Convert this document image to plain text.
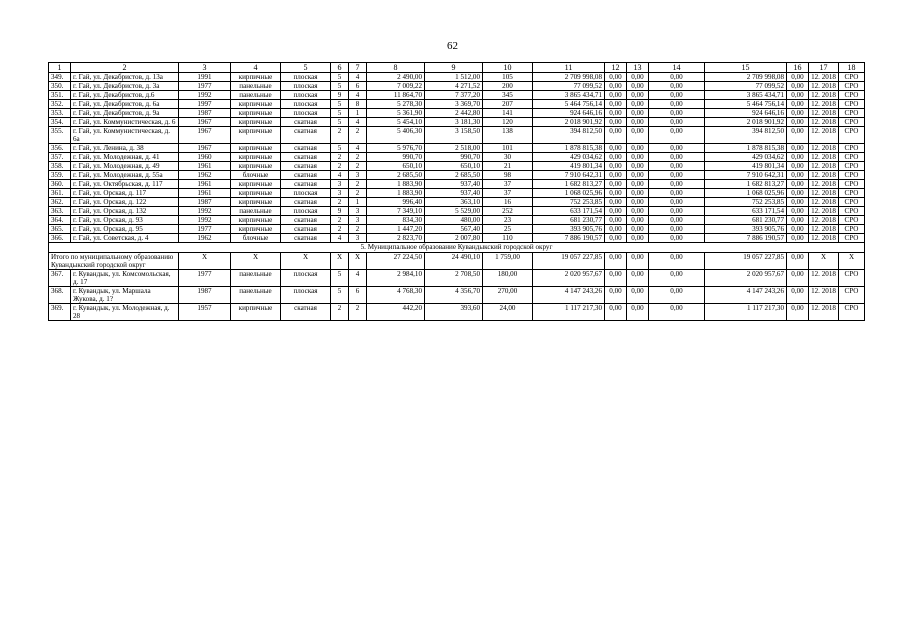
62
1	2	3	4	5	6	7	8	9	10	11	12	13	14	15	16	17	18
349.	г. Гай, ул. Декабристов, д. 13а	1991	кирпичные	плоская	5	4	2 490,00	1 512,00	105	2 709 998,08	0,00	0,00	0,00	2 709 998,08	0,00	12. 2018	СРО
350.	г. Гай, ул. Декабристов, д. 3а	1977	панельные	плоская	5	6	7 009,22	4 271,52	200	77 099,52	0,00	0,00	0,00	77 099,52	0,00	12. 2018	СРО
351.	г. Гай, ул. Декабристов, д.6	1992	панельные	плоская	9	4	11 864,70	7 377,20	345	3 865 434,71	0,00	0,00	0,00	3 865 434,71	0,00	12. 2018	СРО
352.	г. Гай, ул. Декабристов, д. 6а	1997	кирпичные	плоская	5	8	5 278,30	3 369,70	207	5 464 756,14	0,00	0,00	0,00	5 464 756,14	0,00	12. 2018	СРО
353.	г. Гай, ул. Декабристов, д. 9а	1987	кирпичные	плоская	5	1	5 361,90	2 442,80	141	924 646,16	0,00	0,00	0,00	924 646,16	0,00	12. 2018	СРО
354.	г. Гай, ул. Коммунистическая, д. 6	1967	кирпичные	скатная	5	4	5 454,10	3 181,30	120	2 018 901,92	0,00	0,00	0,00	2 018 901,92	0,00	12. 2018	СРО
355.	г. Гай, ул. Коммунистическая, д. 6а	1967	кирпичные	скатная	2	2	5 406,30	3 158,50	138	394 812,50	0,00	0,00	0,00	394 812,50	0,00	12. 2018	СРО
356.	г. Гай, ул. Ленина, д. 38	1967	кирпичные	скатная	5	4	5 976,70	2 518,00	101	1 878 815,38	0,00	0,00	0,00	1 878 815,38	0,00	12. 2018	СРО
357.	г. Гай, ул. Молодежная, д. 41	1960	кирпичные	скатная	2	2	990,70	990,70	30	429 034,62	0,00	0,00	0,00	429 034,62	0,00	12. 2018	СРО
358.	г. Гай, ул. Молодежная, д. 49	1961	кирпичные	скатная	2	2	650,10	650,10	21	419 801,34	0,00	0,00	0,00	419 801,34	0,00	12. 2018	СРО
359.	г. Гай, ул. Молодежная, д. 55а	1962	блочные	скатная	4	3	2 685,50	2 685,50	98	7 910 642,31	0,00	0,00	0,00	7 910 642,31	0,00	12. 2018	СРО
360.	г. Гай, ул. Октябрьская, д. 117	1961	кирпичные	скатная	3	2	1 883,90	937,40	37	1 682 813,27	0,00	0,00	0,00	1 682 813,27	0,00	12. 2018	СРО
361.	г. Гай, ул. Орская, д. 117	1961	кирпичные	плоская	3	2	1 883,90	937,40	37	1 068 025,96	0,00	0,00	0,00	1 068 025,96	0,00	12. 2018	СРО
362.	г. Гай, ул. Орская, д. 122	1987	кирпичные	скатная	2	1	996,40	363,10	16	752 253,85	0,00	0,00	0,00	752 253,85	0,00	12. 2018	СРО
363.	г. Гай, ул. Орская, д. 132	1992	панельные	плоская	9	3	7 349,10	5 529,00	252	633 171,54	0,00	0,00	0,00	633 171,54	0,00	12. 2018	СРО
364.	г. Гай, ул. Орская, д. 93	1992	кирпичные	скатная	2	3	834,30	480,00	23	681 230,77	0,00	0,00	0,00	681 230,77	0,00	12. 2018	СРО
365.	г. Гай, ул. Орская, д. 95	1977	кирпичные	скатная	2	2	1 447,20	567,40	25	393 905,76	0,00	0,00	0,00	393 905,76	0,00	12. 2018	СРО
366.	г. Гай, ул. Советская, д. 4	1962	блочные	скатная	4	3	2 823,70	2 007,80	110	7 886 190,57	0,00	0,00	0,00	7 886 190,57	0,00	12. 2018	СРО
5. Муниципальное образование Кувандыкский городской округ																	
Итого по муниципальному образованию Кувандыкский городской округ		X	X	X	X	X	27 224,50	24 490,10	1 759,00	19 057 227,85	0,00	0,00	0,00	19 057 227,85	0,00	X	X
367.	г. Кувандык, ул. Комсомольская, д. 17	1977	панельные	плоская	5	4	2 984,10	2 708,50	180,00	2 020 957,67	0,00	0,00	0,00	2 020 957,67	0,00	12. 2018	СРО
368.	г. Кувандык, ул. Маршала Жукова, д. 1?	1987	панельные	плоская	5	6	4 768,30	4 356,70	270,00	4 147 243,26	0,00	0,00	0,00	4 147 243,26	0,00	12. 2018	СРО
369.	г. Кувандык, ул. Молодежная, д. 28	1957	кирпичные	скатная	2	2	442,20	393,60	24,00	1 117 217,30	0,00	0,00	0,00	1 117 217,30	0,00	12. 2018	СРО
